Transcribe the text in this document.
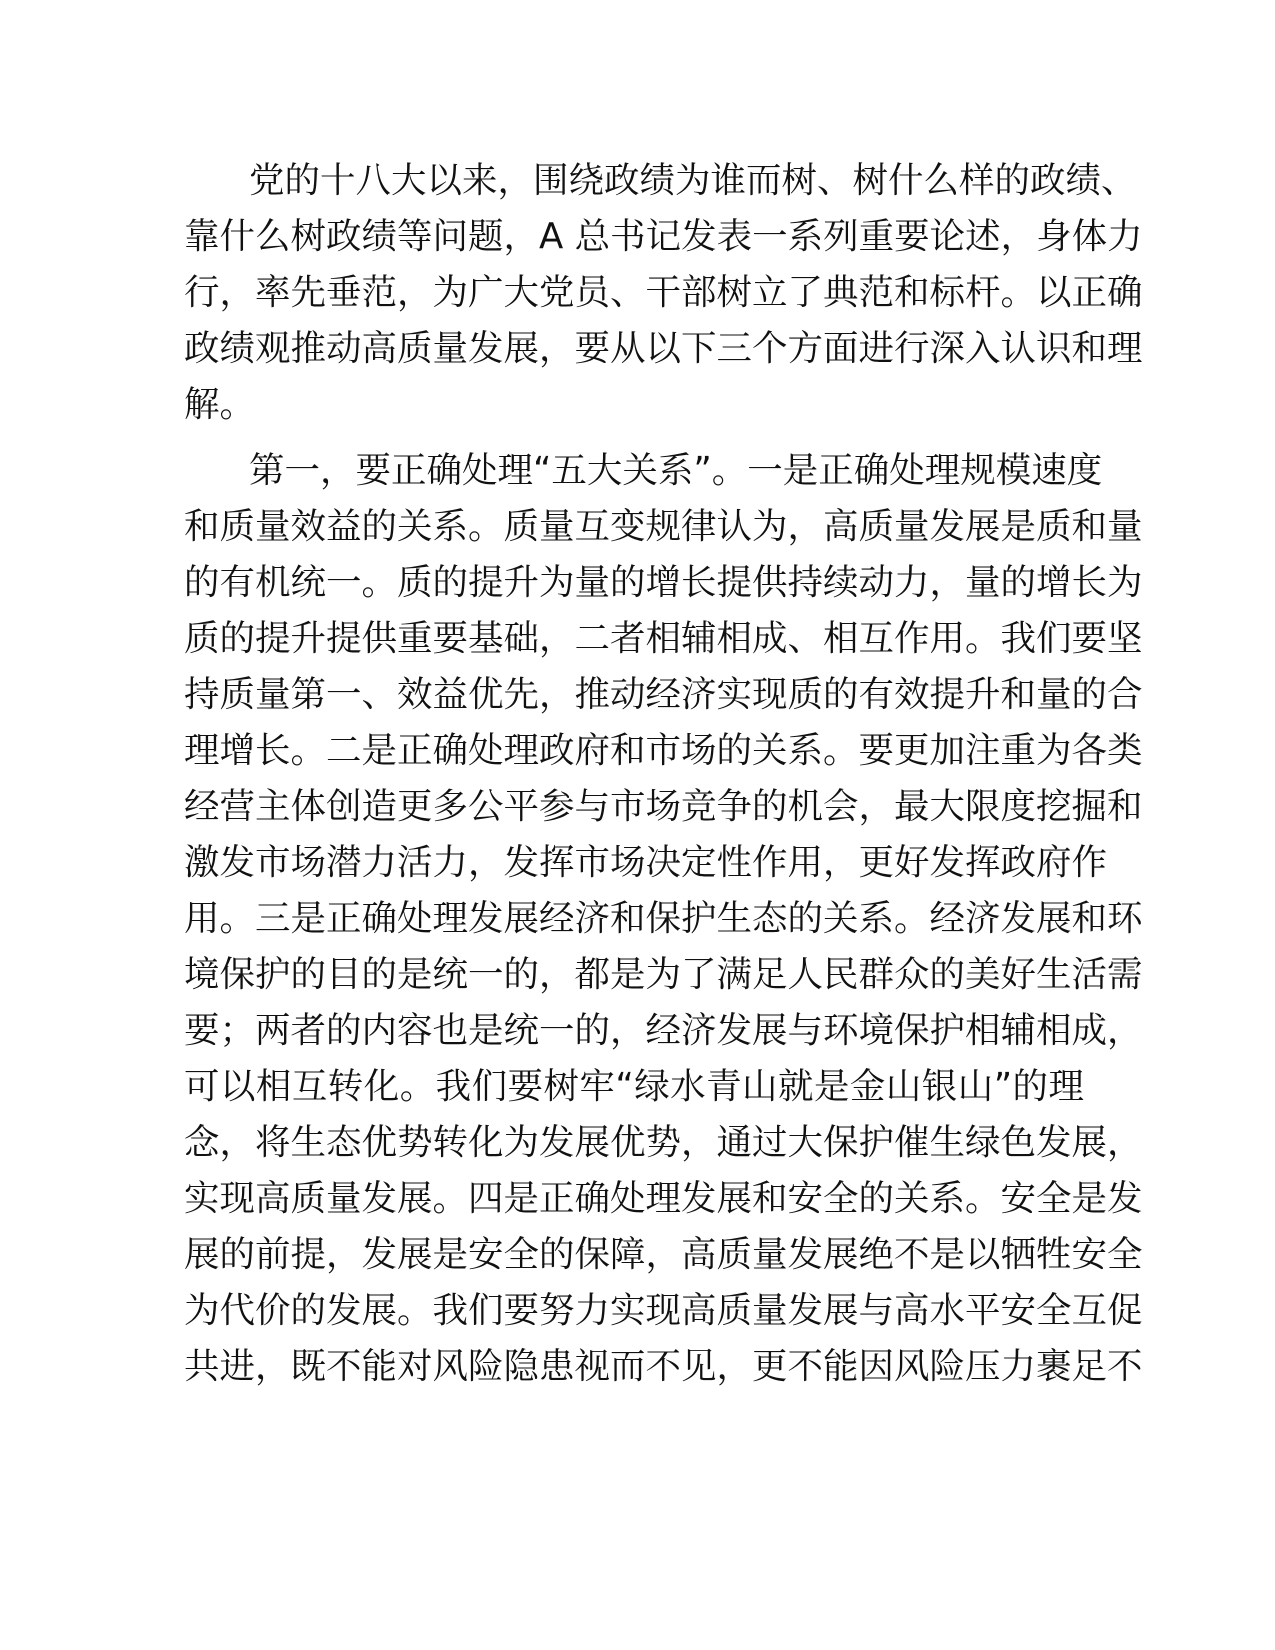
党的十八大以来，围绕政绩为谁而树、树什么样的政绩、
靠什么树政绩等问题，A 总书记发表一系列重要论述，身体力
行，率先垂范，为广大党员、干部树立了典范和标杆。以正确
政绩观推动高质量发展，要从以下三个方面进行深入认识和理
解。
第一，要正确处理“五大关系”。一是正确处理规模速度
和质量效益的关系。质量互变规律认为，高质量发展是质和量
的有机统一。质的提升为量的增长提供持续动力，量的增长为
质的提升提供重要基础，二者相辅相成、相互作用。我们要坚
持质量第一、效益优先，推动经济实现质的有效提升和量的合
理增长。二是正确处理政府和市场的关系。要更加注重为各类
经营主体创造更多公平参与市场竞争的机会，最大限度挖掘和
激发市场潜力活力，发挥市场决定性作用，更好发挥政府作
用。三是正确处理发展经济和保护生态的关系。经济发展和环
境保护的目的是统一的，都是为了满足人民群众的美好生活需
要；两者的内容也是统一的，经济发展与环境保护相辅相成，
可以相互转化。我们要树牢“绿水青山就是金山银山”的理
念，将生态优势转化为发展优势，通过大保护催生绿色发展，
实现高质量发展。四是正确处理发展和安全的关系。安全是发
展的前提，发展是安全的保障，高质量发展绝不是以牺牲安全
为代价的发展。我们要努力实现高质量发展与高水平安全互促
共进，既不能对风险隐患视而不见，更不能因风险压力裹足不
